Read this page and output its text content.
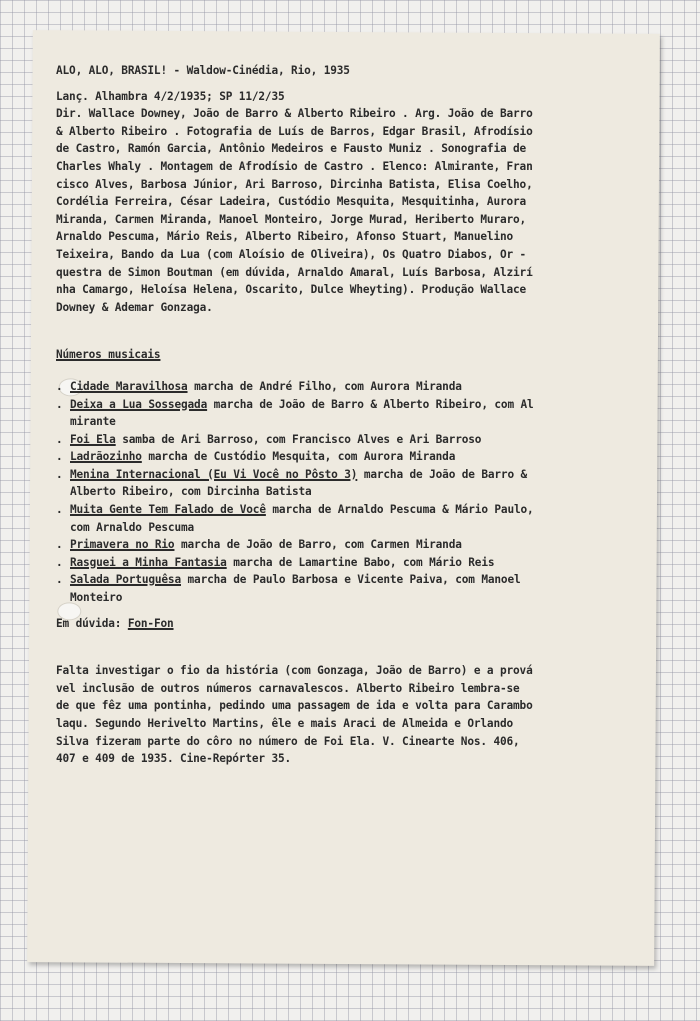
ALO, ALO, BRASIL! - Waldow-Cinédia, Rio, 1935

Lanç. Alhambra 4/2/1935; SP 11/2/35

Dir. Wallace Downey, João de Barro & Alberto Ribeiro . Arg. João de Barro

& Alberto Ribeiro . Fotografia de Luís de Barros, Edgar Brasil, Afrodísio

de Castro, Ramón Garcia, Antônio Medeiros e Fausto Muniz . Sonografia de

Charles Whaly . Montagem de Afrodísio de Castro . Elenco: Almirante, Fran

cisco Alves, Barbosa Júnior, Ari Barroso, Dircinha Batista, Elisa Coelho,

Cordélia Ferreira, César Ladeira, Custódio Mesquita, Mesquitinha, Aurora

Miranda, Carmen Miranda, Manoel Monteiro, Jorge Murad, Heriberto Muraro,

Arnaldo Pescuma, Mário Reis, Alberto Ribeiro, Afonso Stuart, Manuelino

Teixeira, Bando da Lua (com Aloísio de Oliveira), Os Quatro Diabos, Or -

questra de Simon Boutman (em dúvida, Arnaldo Amaral, Luís Barbosa, Alzirí

nha Camargo, Heloísa Helena, Oscarito, Dulce Wheyting). Produção Wallace

Downey & Ademar Gonzaga.

Números musicais

. Cidade Maravilhosa marcha de André Filho, com Aurora Miranda
. Deixa a Lua Sossegada marcha de João de Barro & Alberto Ribeiro, com Al
mirante
. Foi Ela samba de Ari Barroso, com Francisco Alves e Ari Barroso
. Ladrãozinho marcha de Custódio Mesquita, com Aurora Miranda
. Menina Internacional (Eu Vi Você no Pôsto 3) marcha de João de Barro &
Alberto Ribeiro, com Dircinha Batista
. Muita Gente Tem Falado de Você marcha de Arnaldo Pescuma & Mário Paulo,
com Arnaldo Pescuma
. Primavera no Rio marcha de João de Barro, com Carmen Miranda
. Rasguei a Minha Fantasia marcha de Lamartine Babo, com Mário Reis
. Salada Portuguêsa marcha de Paulo Barbosa e Vicente Paiva, com Manoel
Monteiro

Em dúvida: Fon-Fon

Falta investigar o fio da história (com Gonzaga, João de Barro) e a prová

vel inclusão de outros números carnavalescos. Alberto Ribeiro lembra-se

de que fêz uma pontinha, pedindo uma passagem de ida e volta para Carambo

laqu. Segundo Herivelto Martins, êle e mais Araci de Almeida e Orlando

Silva fizeram parte do côro no número de Foi Ela. V. Cinearte Nos. 406,

407 e 409 de 1935. Cine-Repórter 35.
